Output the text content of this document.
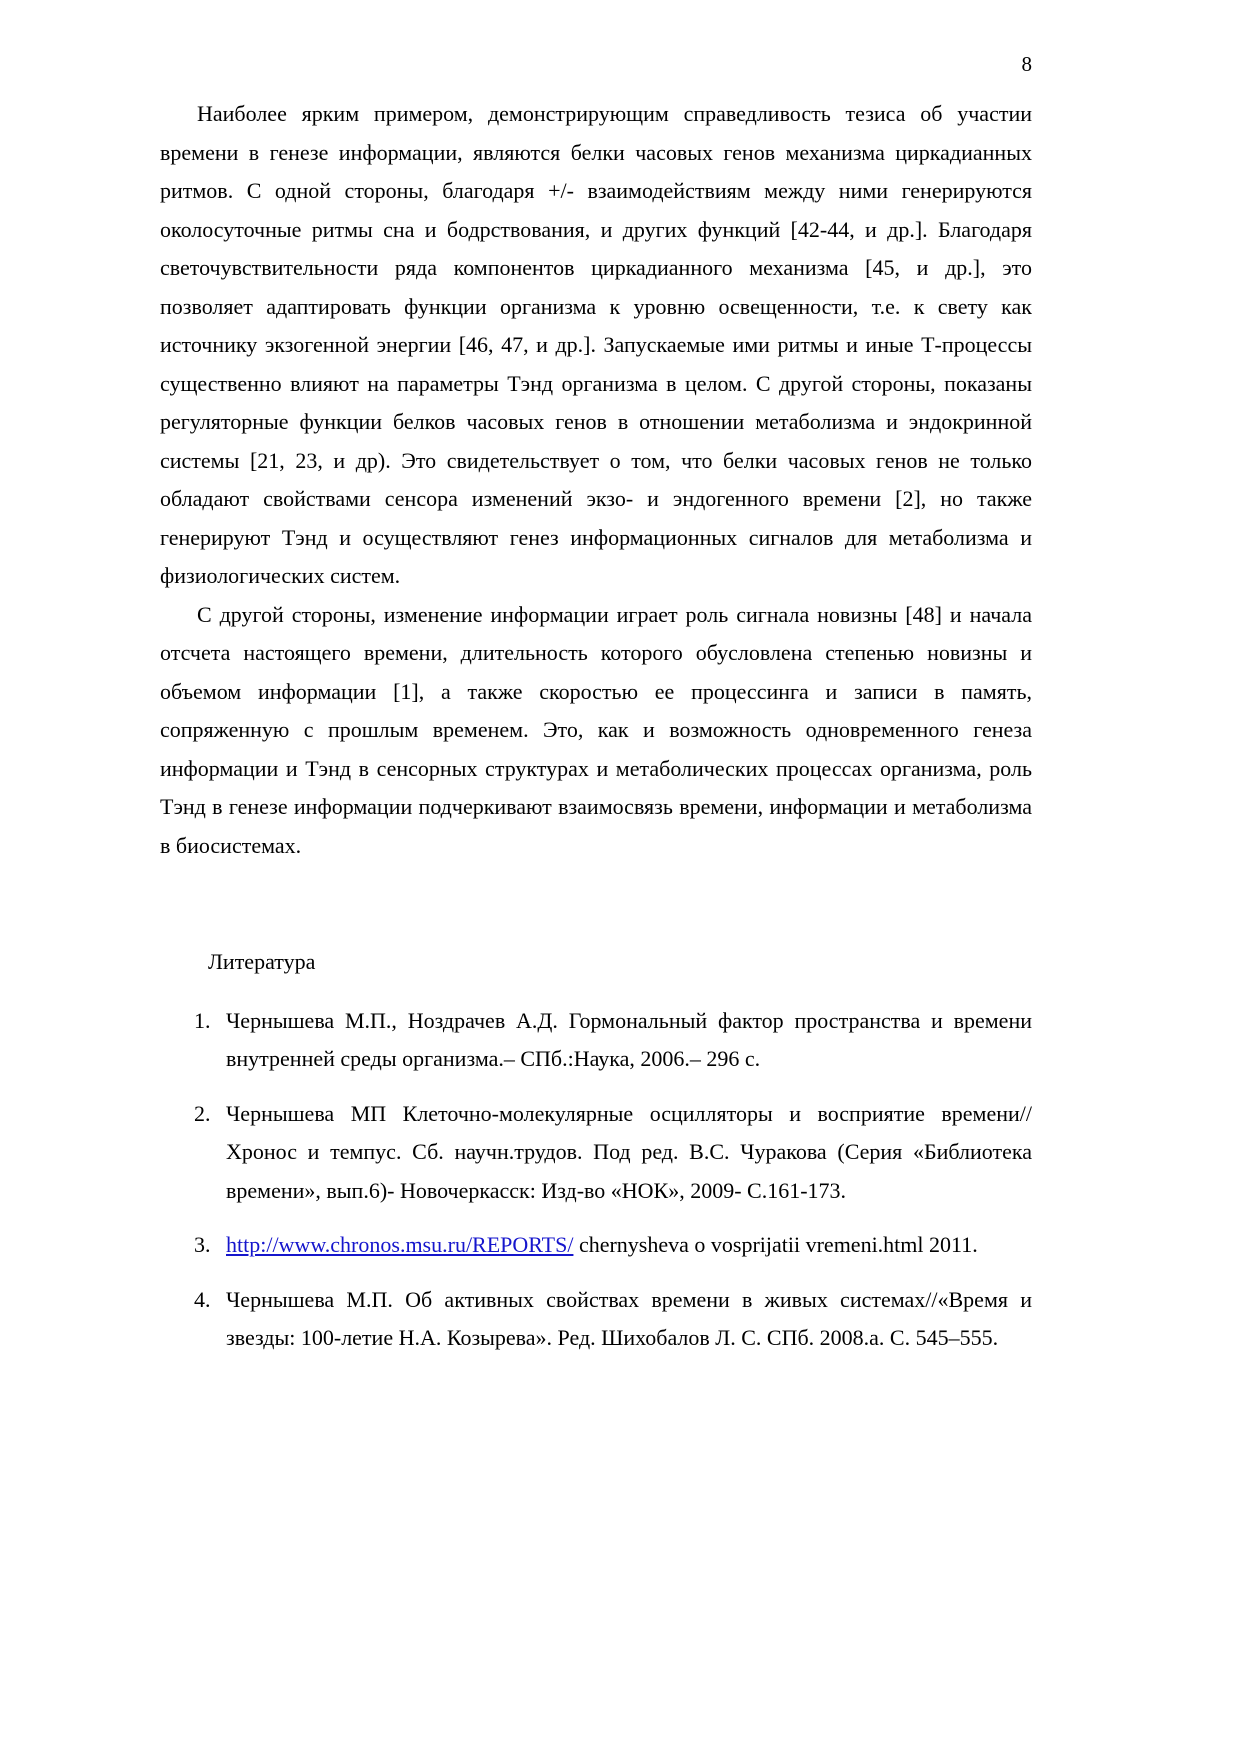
8

Наиболее ярким примером, демонстрирующим справедливость тезиса об участии времени в генезе информации, являются белки часовых генов механизма циркадианных ритмов. С одной стороны, благодаря +/- взаимодействиям между ними генерируются околосуточные ритмы сна и бодрствования, и других функций [42-44, и др.]. Благодаря светочувствительности ряда компонентов циркадианного механизма [45, и др.], это позволяет адаптировать функции организма к уровню освещенности, т.е. к свету как источнику экзогенной энергии [46, 47, и др.]. Запускаемые ими ритмы и иные Т-процессы существенно влияют на параметры Тэнд организма в целом. С другой стороны, показаны регуляторные функции белков часовых генов в отношении метаболизма и эндокринной системы [21, 23, и др). Это свидетельствует о том, что белки часовых генов не только обладают свойствами сенсора изменений экзо- и эндогенного времени [2], но также генерируют Тэнд и осуществляют генез информационных сигналов для метаболизма и физиологических систем.

С другой стороны, изменение информации играет роль сигнала новизны [48] и начала отсчета настоящего времени, длительность которого обусловлена степенью новизны и объемом информации [1], а также скоростью ее процессинга и записи в память, сопряженную с прошлым временем. Это, как и возможность одновременного генеза информации и Тэнд в сенсорных структурах и метаболических процессах организма, роль Тэнд в генезе информации подчеркивают взаимосвязь времени, информации и метаболизма в биосистемах.

Литература
1. Чернышева М.П., Ноздрачев А.Д. Гормональный фактор пространства и времени внутренней среды организма.– СПб.:Наука, 2006.– 296 с.
2. Чернышева МП Клеточно-молекулярные осцилляторы и восприятие времени// Хронос и темпус. Сб. научн.трудов. Под ред. В.С. Чуракова (Серия «Библиотека времени», вып.6)- Новочеркасск: Изд-во «НОК», 2009- С.161-173.
3. http://www.chronos.msu.ru/REPORTS/ chernysheva o vosprijatii vremeni.html 2011.
4. Чернышева М.П. Об активных свойствах времени в живых системах//«Время и звезды: 100-летие Н.А. Козырева». Ред. Шихобалов Л. С. СПб. 2008.а. С. 545–555.
